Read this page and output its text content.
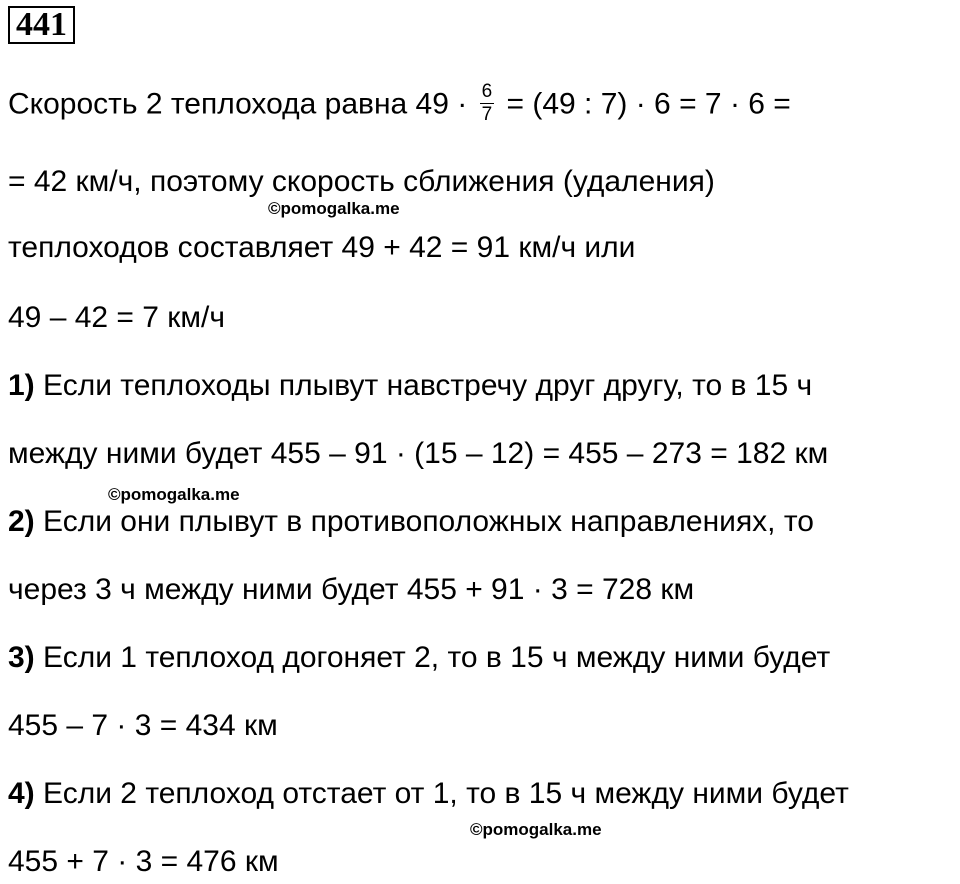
441
Скорость 2 теплохода равна $49 \cdot \frac{6}{7} = (49$ : 7) · 6 = 7 · 6 =
= 42 км/ч, поэтому скорость сближения (удаления)
©pomogalka.me
теплоходов составляет 49 + 42 = 91 км/ч или
49 – 42 = 7 км/ч
1) Если теплоходы плывут навстречу друг другу, то в 15 ч
между ними будет 455 – 91 · (15 – 12) = 455 – 273 = 182 км
©pomogalka.me
2) Если они плывут в противоположных направлениях, то
через 3 ч между ними будет 455 + 91 · 3 = 728 км
3) Если 1 теплоход догоняет 2, то в 15 ч между ними будет
455 – 7 · 3 = 434 км
4) Если 2 теплоход отстает от 1, то в 15 ч между ними будет
©pomogalka.me
455 + 7 · 3 = 476 км
